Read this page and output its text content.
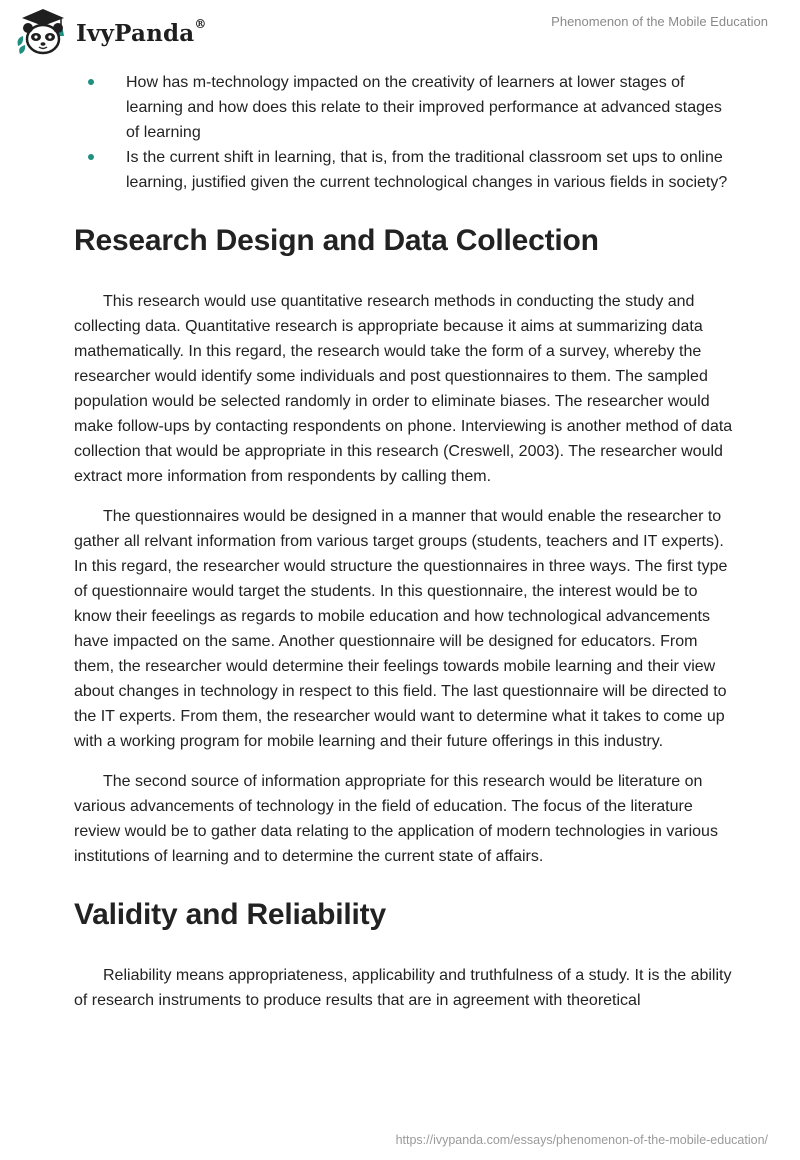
IvyPanda®	Phenomenon of the Mobile Education
How has m-technology impacted on the creativity of learners at lower stages of learning and how does this relate to their improved performance at advanced stages of learning
Is the current shift in learning, that is, from the traditional classroom set ups to online learning, justified given the current technological changes in various fields in society?
Research Design and Data Collection

This research would use quantitative research methods in conducting the study and collecting data. Quantitative research is appropriate because it aims at summarizing data mathematically. In this regard, the research would take the form of a survey, whereby the researcher would identify some individuals and post questionnaires to them. The sampled population would be selected randomly in order to eliminate biases. The researcher would make follow-ups by contacting respondents on phone. Interviewing is another method of data collection that would be appropriate in this research (Creswell, 2003). The researcher would extract more information from respondents by calling them.

The questionnaires would be designed in a manner that would enable the researcher to gather all relvant information from various target groups (students, teachers and IT experts). In this regard, the researcher would structure the questionnaires in three ways. The first type of questionnaire would target the students. In this questionnaire, the interest would be to know their feeelings as regards to mobile education and how technological advancements have impacted on the same. Another questionnaire will be designed for educators. From them, the researcher would determine their feelings towards mobile learning and their view about changes in technology in respect to this field. The last questionnaire will be directed to the IT experts. From them, the researcher would want to determine what it takes to come up with a working program for mobile learning and their future offerings in this industry.

The second source of information appropriate for this research would be literature on various advancements of technology in the field of education. The focus of the literature review would be to gather data relating to the application of modern technologies in various institutions of learning and to determine the current state of affairs.

Validity and Reliability

Reliability means appropriateness, applicability and truthfulness of a study. It is the ability of research instruments to produce results that are in agreement with theoretical

https://ivypanda.com/essays/phenomenon-of-the-mobile-education/
